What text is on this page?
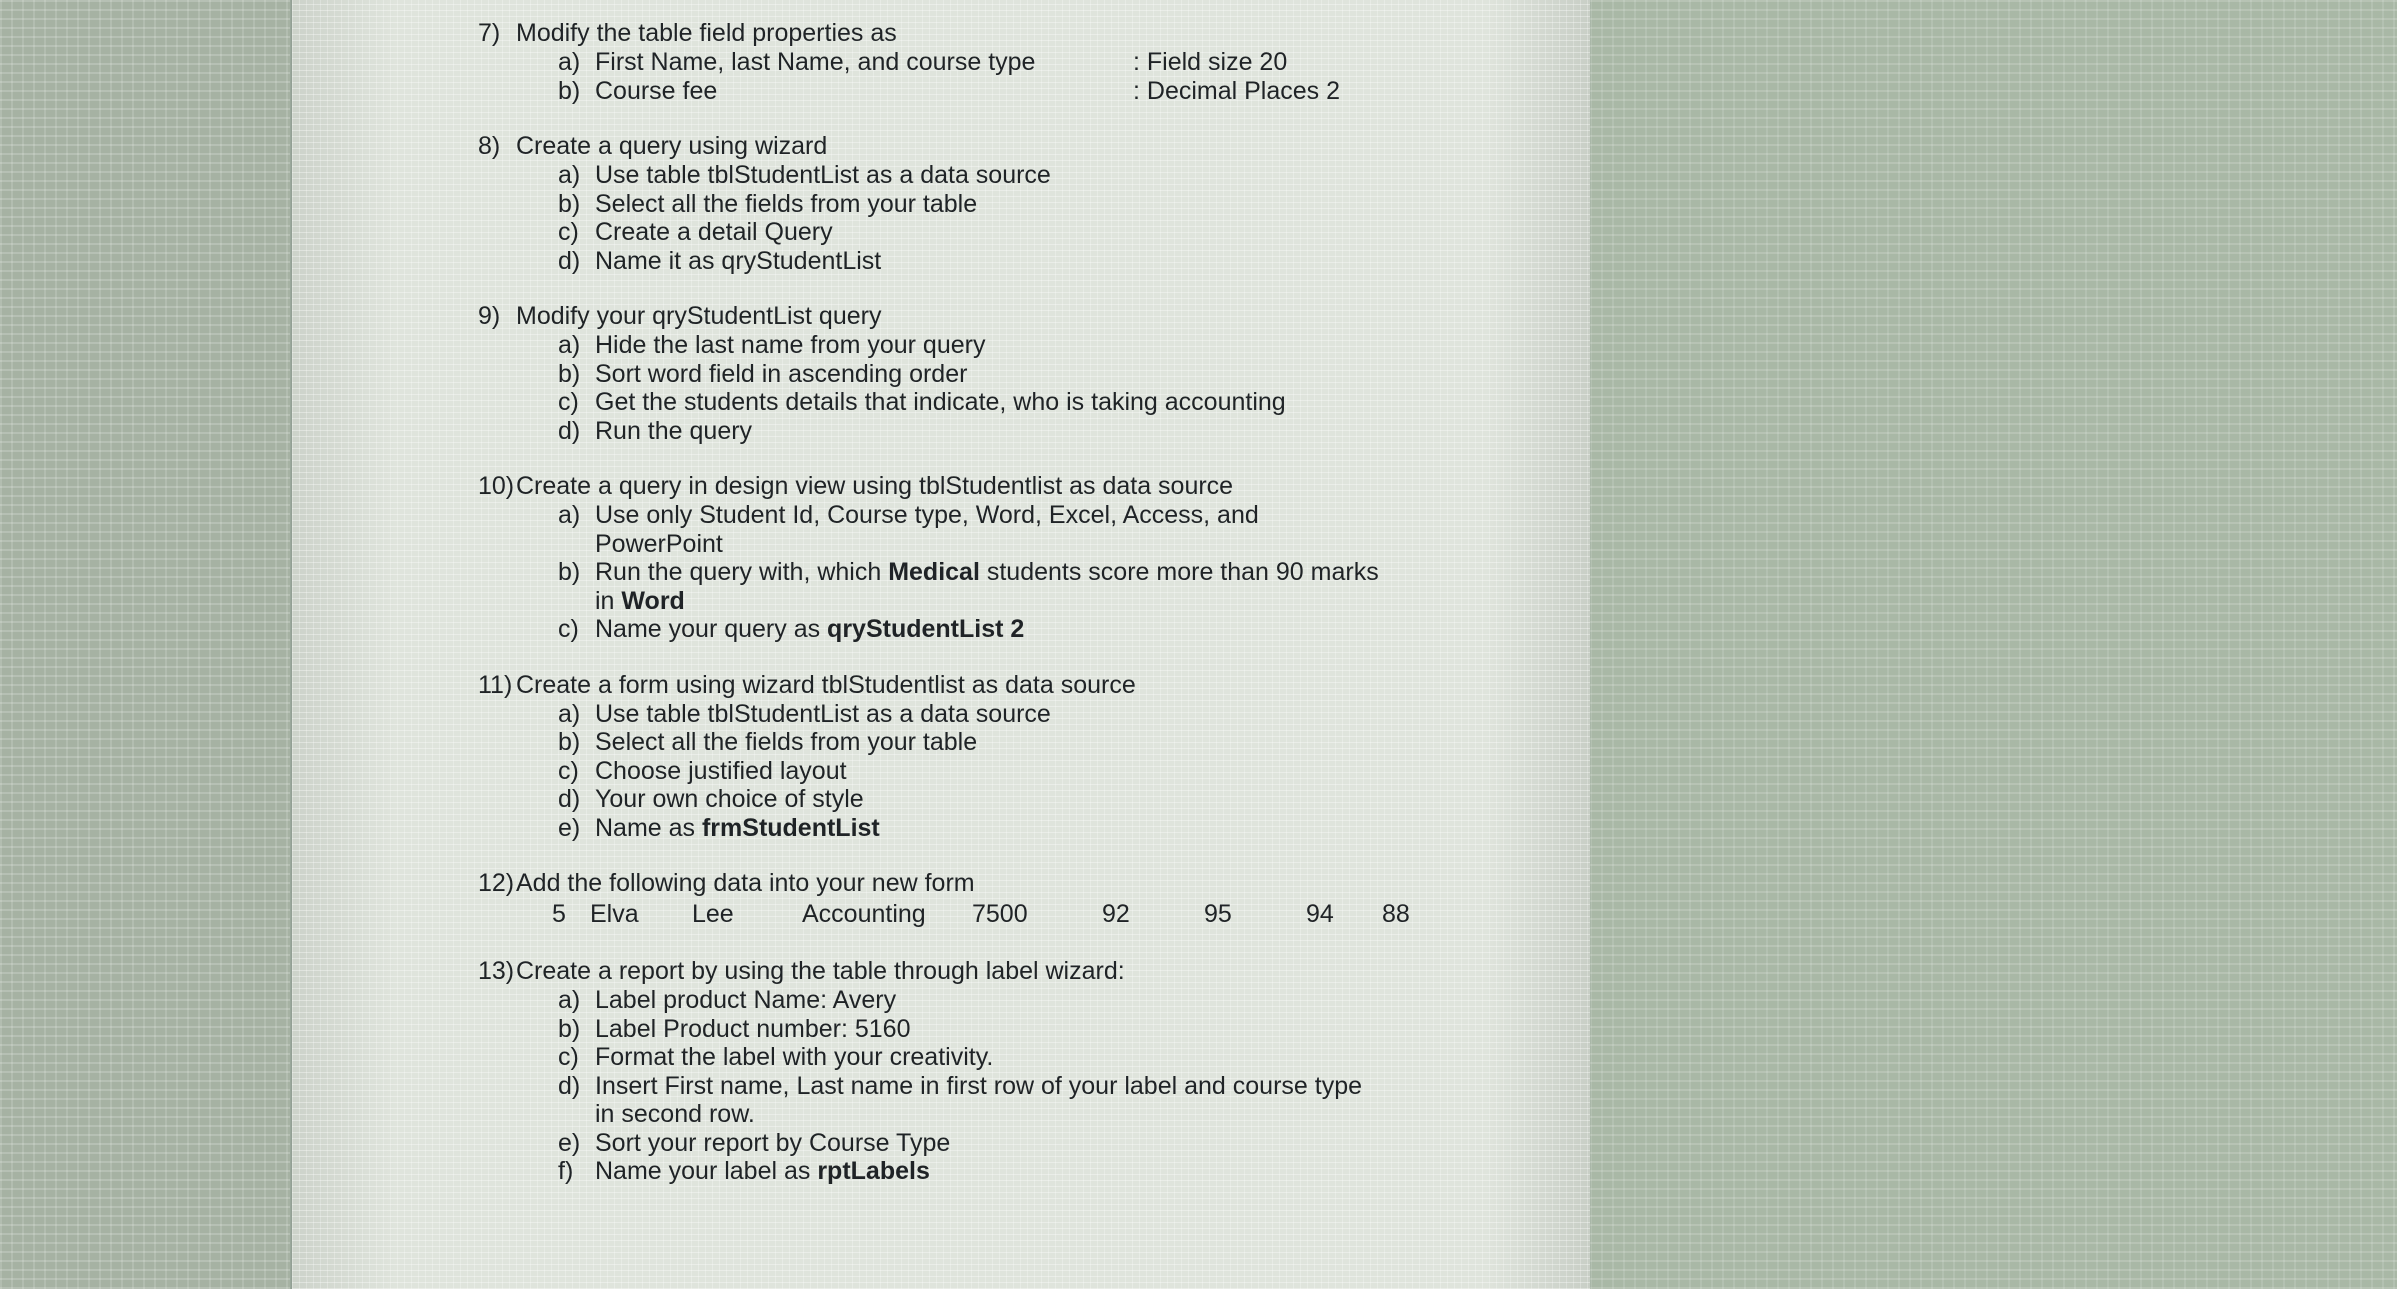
7) Modify the table field properties as
a) First Name, last Name, and course type	: Field size 20
b) Course fee	: Decimal Places 2
8) Create a query using wizard
a) Use table tblStudentList as a data source
b) Select all the fields from your table
c) Create a detail Query
d) Name it as qryStudentList
9) Modify your qryStudentList query
a) Hide the last name from your query
b) Sort word field in ascending order
c) Get the students details that indicate, who is taking accounting
d) Run the query
10) Create a query in design view using tblStudentlist as data source
a) Use only Student Id, Course type, Word, Excel, Access, and PowerPoint
b) Run the query with, which Medical students score more than 90 marks in Word
c) Name your query as qryStudentList 2
11) Create a form using wizard tblStudentlist as data source
a) Use table tblStudentList as a data source
b) Select all the fields from your table
c) Choose justified layout
d) Your own choice of style
e) Name as frmStudentList
12) Add the following data into your new form
5 Elva	Lee	Accounting	7500	92	95	94	88
13) Create a report by using the table through label wizard:
a) Label product Name: Avery
b) Label Product number: 5160
c) Format the label with your creativity.
d) Insert First name, Last name in first row of your label and course type in second row.
e) Sort your report by Course Type
f) Name your label as rptLabels
